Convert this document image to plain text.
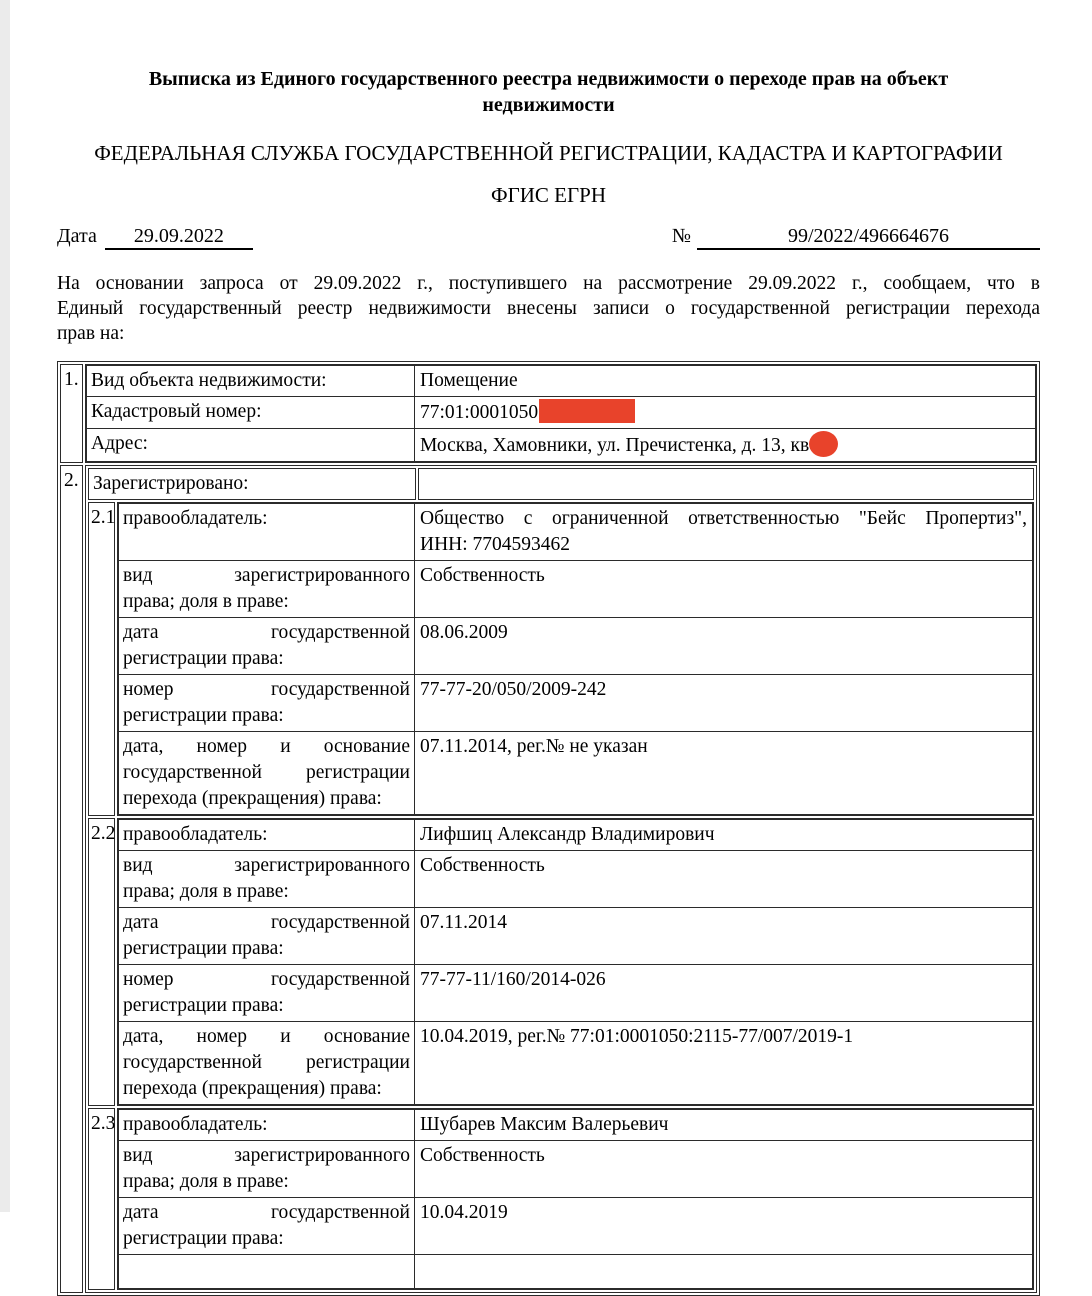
Выписка из Единого государственного реестра недвижимости о переходе прав на объект
недвижимости
ФЕДЕРАЛЬНАЯ СЛУЖБА ГОСУДАРСТВЕННОЙ РЕГИСТРАЦИИ, КАДАСТРА И КАРТОГРАФИИ
ФГИС ЕГРН
Дата	29.09.2022	№	99/2022/496664676
На основании запроса от 29.09.2022 г., поступившего на рассмотрение 29.09.2022 г., сообщаем, что в
Единый государственный реестр недвижимости внесены записи о государственной регистрации перехода
прав на:
1.	Вид объекта недвижимости:	Помещение
Кадастровый номер:	77:01:0001050
Адрес:	Москва, Хамовники, ул. Пречистенка, д. 13, кв

2.	Зарегистрировано:	
2.1	правообладатель:	Общество с ограниченной ответственностью "Бейс Пропертиз",
ИНН: 7704593462

вид зарегистрированного
права; доля в праве:
	Собственность

дата государственной
регистрации права:
	08.06.2009

номер государственной
регистрации права:
	77-77-20/050/2009-242

дата, номер и основание
государственной регистрации
перехода (прекращения) права:
	07.11.2014, рег.№ не указан

2.2	правообладатель:	Лифшиц Александр Владимирович

вид зарегистрированного
права; доля в праве:
	Собственность

дата государственной
регистрации права:
	07.11.2014

номер государственной
регистрации права:
	77-77-11/160/2014-026

дата, номер и основание
государственной регистрации
перехода (прекращения) права:
	10.04.2019, рег.№ 77:01:0001050:2115-77/007/2019-1

2.3	правообладатель:	Шубарев Максим Валерьевич

вид зарегистрированного
права; доля в праве:
	Собственность

дата государственной
регистрации права:
	10.04.2019
